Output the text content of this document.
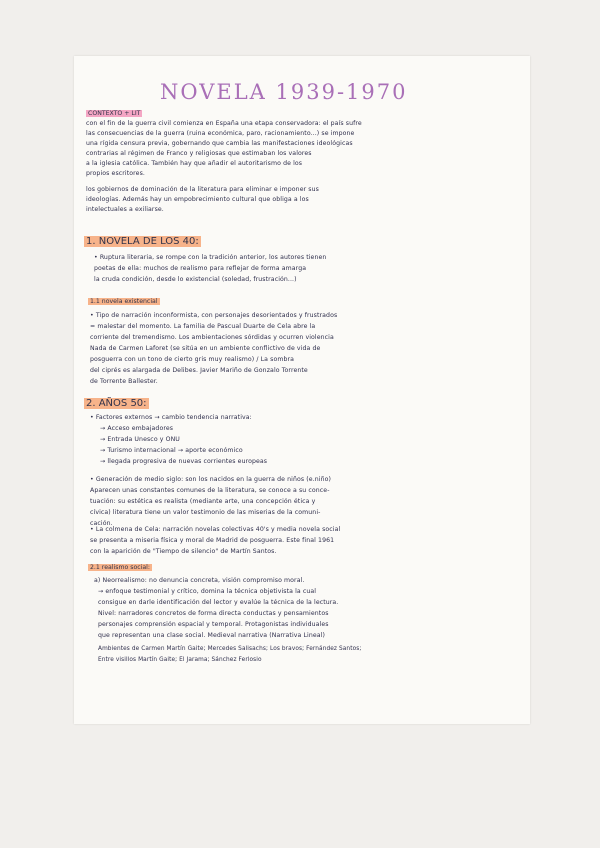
NOVELA 1939-1970
CONTEXTO + LIT
con el fin de la guerra civil comienza en España una etapa conservadora: el país sufre
las consecuencias de la guerra (ruina económica, paro, racionamiento...) se impone
una rígida censura previa, gobernando que cambia las manifestaciones ideológicas
contrarias al régimen de Franco y religiosas que estimaban los valores
a la iglesia católica. También hay que añadir el autoritarismo de los
propios escritores.
los gobiernos de dominación de la literatura para eliminar e imponer sus
ideologías. Además hay un empobrecimiento cultural que obliga a los
intelectuales a exiliarse.
1. NOVELA DE LOS 40:
• Ruptura literaria, se rompe con la tradición anterior, los autores tienen
poetas de ella: muchos de realismo para reflejar de forma amarga
la cruda condición, desde lo existencial (soledad, frustración...)
1.1 novela existencial
• Tipo de narración inconformista, con personajes desorientados y frustrados
= malestar del momento. La familia de Pascual Duarte de Cela abre la
corriente del tremendismo. Los ambientaciones sórdidas y ocurren violencia
Nada de Carmen Laforet (se sitúa en un ambiente conflictivo de vida de
posguerra con un tono de cierto gris muy realismo) / La sombra
del ciprés es alargada de Delibes. Javier Mariño de Gonzalo Torrente
de Torrente Ballester.
2. AÑOS 50:
• Factores externos → cambio tendencia narrativa:
→ Acceso embajadores
→ Entrada Unesco y ONU
→ Turismo internacional → aporte económico
→ llegada progresiva de nuevas corrientes europeas
• Generación de medio siglo: son los nacidos en la guerra de niños (e.niño)
Aparecen unas constantes comunes de la literatura, se conoce a su conce-
tuación: su estética es realista (mediante arte, una concepción ética y
cívica) literatura tiene un valor testimonio de las miserias de la comuni-
cación.
• La colmena de Cela: narración novelas colectivas 40's y media novela social
se presenta a miseria física y moral de Madrid de posguerra. Este final 1961
con la aparición de "Tiempo de silencio" de Martín Santos.
2.1 realismo social:
a) Neorrealismo: no denuncia concreta, visión compromiso moral.
→ enfoque testimonial y crítico, domina la técnica objetivista la cual
consigue en darle identificación del lector y evalúe la técnica de la lectura.
Nivel: narradores concretos de forma directa conductas y pensamientos
personajes comprensión espacial y temporal. Protagonistas individuales
que representan una clase social. Medieval narrativa (Narrativa Lineal)
Ambientes de Carmen Martín Gaite; Mercedes Salisachs; Los bravos; Fernández Santos;
Entre visillos Martín Gaite; El Jarama; Sánchez Ferlosio
